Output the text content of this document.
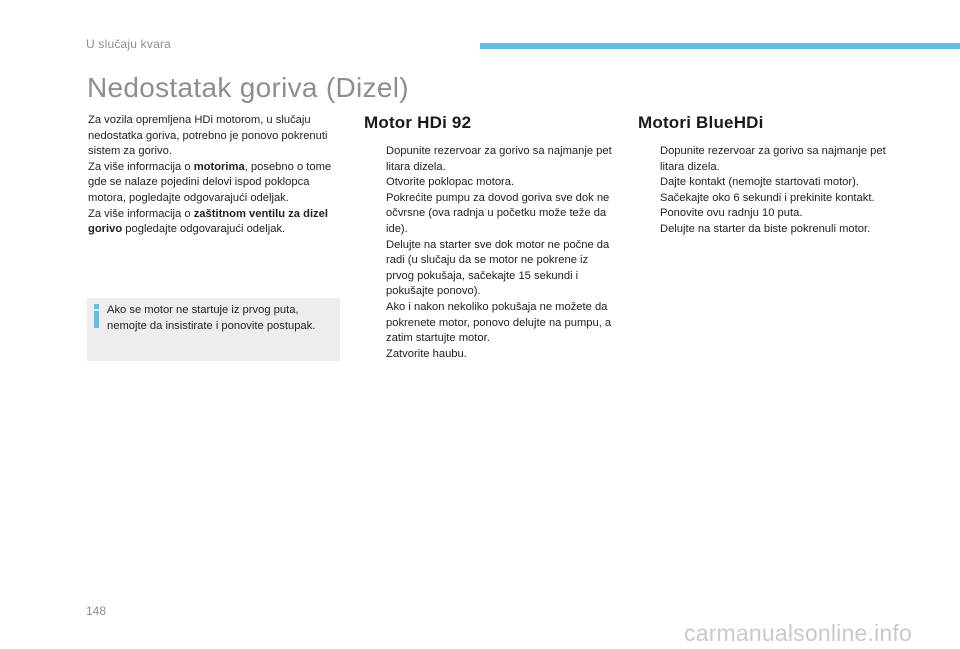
U slučaju kvara
Nedostatak goriva (Dizel)

Za vozila opremljena HDi motorom, u slučaju nedostatka goriva, potrebno je ponovo pokrenuti sistem za gorivo.

Za više informacija o motorima, posebno o tome gde se nalaze pojedini delovi ispod poklopca motora, pogledajte odgovarajući odeljak.

Za više informacija o zaštitnom ventilu za dizel gorivo pogledajte odgovarajući odeljak.

Ako se motor ne startuje iz prvog puta, nemojte da insistirate i ponovite postupak.
Motor HDi 92
Dopunite rezervoar za gorivo sa najmanje pet litara dizela.
Otvorite poklopac motora.
Pokrećite pumpu za dovod goriva sve dok ne očvrsne (ova radnja u početku može teže da ide).
Delujte na starter sve dok motor ne počne da radi (u slučaju da se motor ne pokrene iz prvog pokušaja, sačekajte 15 sekundi i pokušajte ponovo).
Ako i nakon nekoliko pokušaja ne možete da pokrenete motor, ponovo delujte na pumpu, a zatim startujte motor.
Zatvorite haubu.
Motori BlueHDi
Dopunite rezervoar za gorivo sa najmanje pet litara dizela.
Dajte kontakt (nemojte startovati motor).
Sačekajte oko 6 sekundi i prekinite kontakt.
Ponovite ovu radnju 10 puta.
Delujte na starter da biste pokrenuli motor.
148
carmanualsonline.info
